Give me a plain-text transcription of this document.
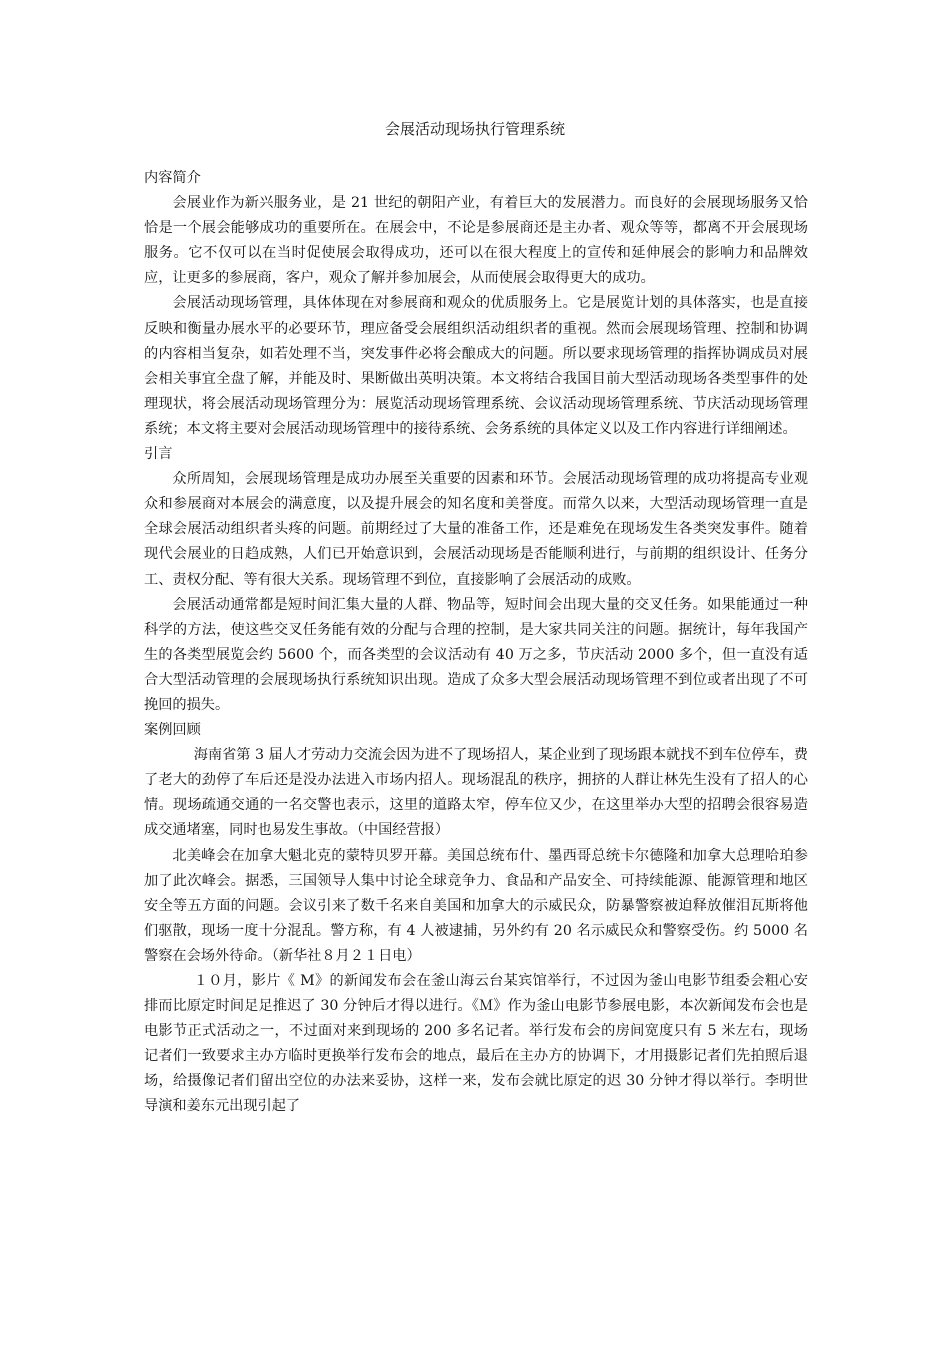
会展活动现场执行管理系统

内容简介

会展业作为新兴服务业，是 21 世纪的朝阳产业，有着巨大的发展潜力。而良好的会展现场服务又恰恰是一个展会能够成功的重要所在。在展会中，不论是参展商还是主办者、观众等等，都离不开会展现场服务。它不仅可以在当时促使展会取得成功，还可以在很大程度上的宣传和延伸展会的影响力和品牌效应，让更多的参展商，客户，观众了解并参加展会，从而使展会取得更大的成功。

会展活动现场管理，具体体现在对参展商和观众的优质服务上。它是展览计划的具体落实，也是直接反映和衡量办展水平的必要环节，理应备受会展组织活动组织者的重视。然而会展现场管理、控制和协调的内容相当复杂，如若处理不当，突发事件必将会酿成大的问题。所以要求现场管理的指挥协调成员对展会相关事宜全盘了解，并能及时、果断做出英明决策。本文将结合我国目前大型活动现场各类型事件的处理现状，将会展活动现场管理分为：展览活动现场管理系统、会议活动现场管理系统、节庆活动现场管理系统；本文将主要对会展活动现场管理中的接待系统、会务系统的具体定义以及工作内容进行详细阐述。

引言

众所周知，会展现场管理是成功办展至关重要的因素和环节。会展活动现场管理的成功将提高专业观众和参展商对本展会的满意度，以及提升展会的知名度和美誉度。而常久以来，大型活动现场管理一直是全球会展活动组织者头疼的问题。前期经过了大量的准备工作，还是难免在现场发生各类突发事件。随着现代会展业的日趋成熟，人们已开始意识到，会展活动现场是否能顺利进行，与前期的组织设计、任务分工、责权分配、等有很大关系。现场管理不到位，直接影响了会展活动的成败。

会展活动通常都是短时间汇集大量的人群、物品等，短时间会出现大量的交叉任务。如果能通过一种科学的方法，使这些交叉任务能有效的分配与合理的控制，是大家共同关注的问题。据统计，每年我国产生的各类型展览会约 5600 个，而各类型的会议活动有 40 万之多，节庆活动 2000 多个，但一直没有适合大型活动管理的会展现场执行系统知识出现。造成了众多大型会展活动现场管理不到位或者出现了不可挽回的损失。

案例回顾

海南省第 3 届人才劳动力交流会因为进不了现场招人，某企业到了现场跟本就找不到车位停车，费了老大的劲停了车后还是没办法进入市场内招人。现场混乱的秩序，拥挤的人群让林先生没有了招人的心情。现场疏通交通的一名交警也表示，这里的道路太窄，停车位又少，在这里举办大型的招聘会很容易造成交通堵塞，同时也易发生事故。（中国经营报）

北美峰会在加拿大魁北克的蒙特贝罗开幕。美国总统布什、墨西哥总统卡尔德隆和加拿大总理哈珀参加了此次峰会。据悉，三国领导人集中讨论全球竞争力、食品和产品安全、可持续能源、能源管理和地区安全等五方面的问题。会议引来了数千名来自美国和加拿大的示威民众，防暴警察被迫释放催泪瓦斯将他们驱散，现场一度十分混乱。警方称，有 4 人被逮捕，另外约有 20 名示威民众和警察受伤。约 5000 名警察在会场外待命。（新华社８月２１日电）

１０月，影片《 M》的新闻发布会在釜山海云台某宾馆举行，不过因为釜山电影节组委会粗心安排而比原定时间足足推迟了 30 分钟后才得以进行。《Ｍ》作为釜山电影节参展电影，本次新闻发布会也是电影节正式活动之一，不过面对来到现场的 200 多名记者。举行发布会的房间宽度只有 5 米左右，现场记者们一致要求主办方临时更换举行发布会的地点，最后在主办方的协调下，才用摄影记者们先拍照后退场，给摄像记者们留出空位的办法来妥协，这样一来，发布会就比原定的迟 30 分钟才得以举行。李明世导演和姜东元出现引起了
